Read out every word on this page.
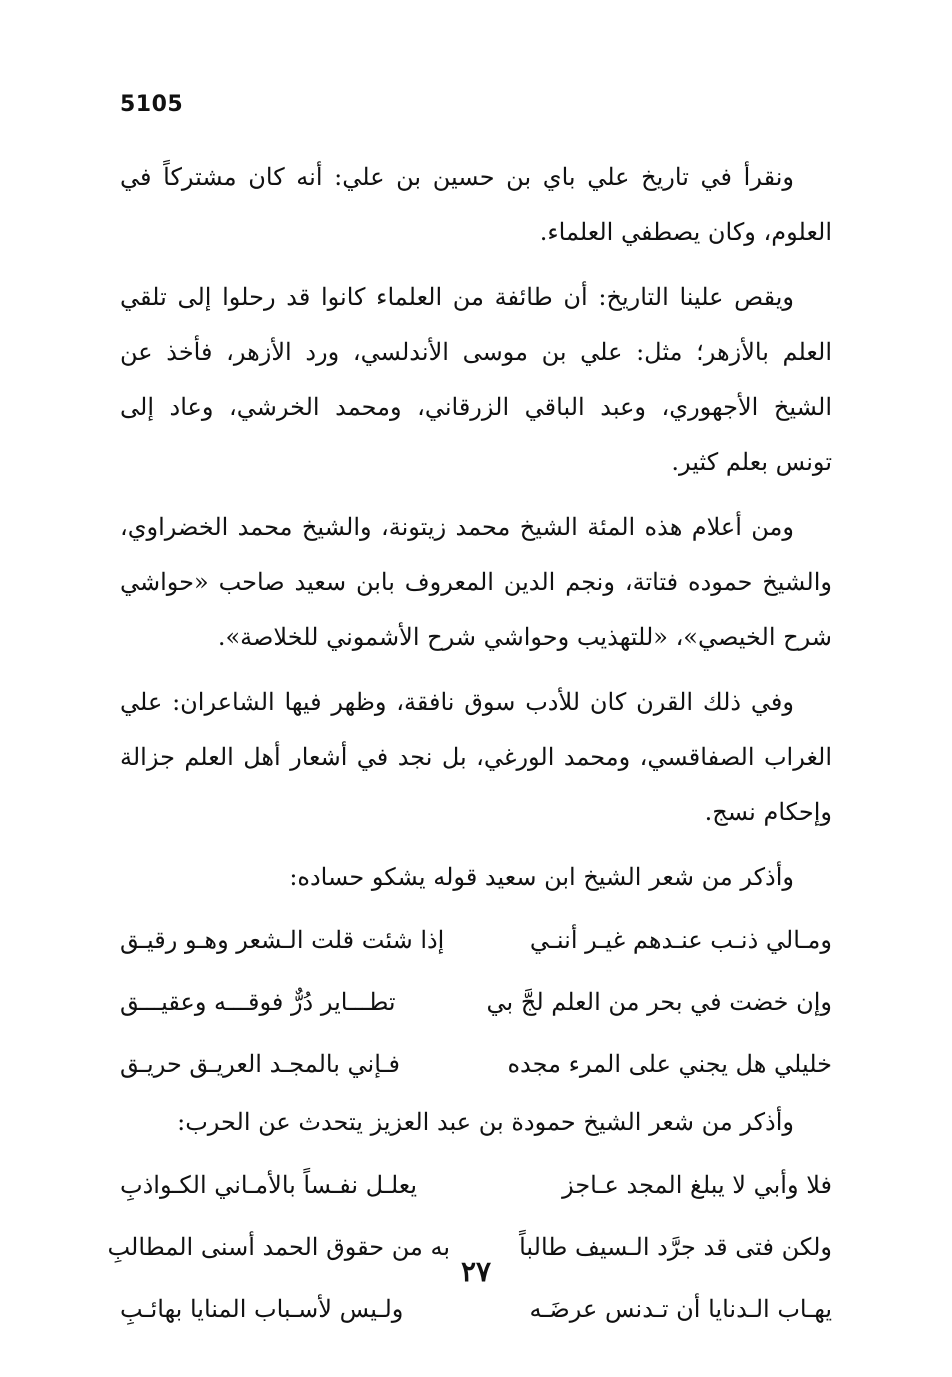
5105

ونقرأ في تاريخ علي باي بن حسين بن علي: أنه كان مشتركاً في العلوم، وكان يصطفي العلماء.

ويقص علينا التاريخ: أن طائفة من العلماء كانوا قد رحلوا إلى تلقي العلم بالأزهر؛ مثل: علي بن موسى الأندلسي، ورد الأزهر، فأخذ عن الشيخ الأجهوري، وعبد الباقي الزرقاني، ومحمد الخرشي، وعاد إلى تونس بعلم كثير.

ومن أعلام هذه المئة الشيخ محمد زيتونة، والشيخ محمد الخضراوي، والشيخ حموده فتاتة، ونجم الدين المعروف بابن سعيد صاحب «حواشي شرح الخيصي»، «للتهذيب وحواشي شرح الأشموني للخلاصة».

وفي ذلك القرن كان للأدب سوق نافقة، وظهر فيها الشاعران: علي الغراب الصفاقسي، ومحمد الورغي، بل نجد في أشعار أهل العلم جزالة وإحكام نسج.

وأذكر من شعر الشيخ ابن سعيد قوله يشكو حساده:

ومـالي ذنـب عنـدهم غيـر أننـي
إذا شئت قلت الـشعر وهـو رقيـق
وإن خضت في بحر من العلم لجَّ بي
تطـــاير دُرٌّ فوقـــه وعقيـــق
خليلي هل يجني على المرء مجده
فـإني بالمجـد العريـق حريـق

وأذكر من شعر الشيخ حمودة بن عبد العزيز يتحدث عن الحرب:

فلا وأبي لا يبلغ المجد عـاجز
يعلـل نفـساً بالأمـاني الكـواذبِ
ولكن فتى قد جرَّد الـسيف طالباً
به من حقوق الحمد أسنى المطالبِ
يهـاب الـدنايا أن تـدنس عرضَـه
ولـيس لأسـباب المنايا بهائـبِ
٢٧
